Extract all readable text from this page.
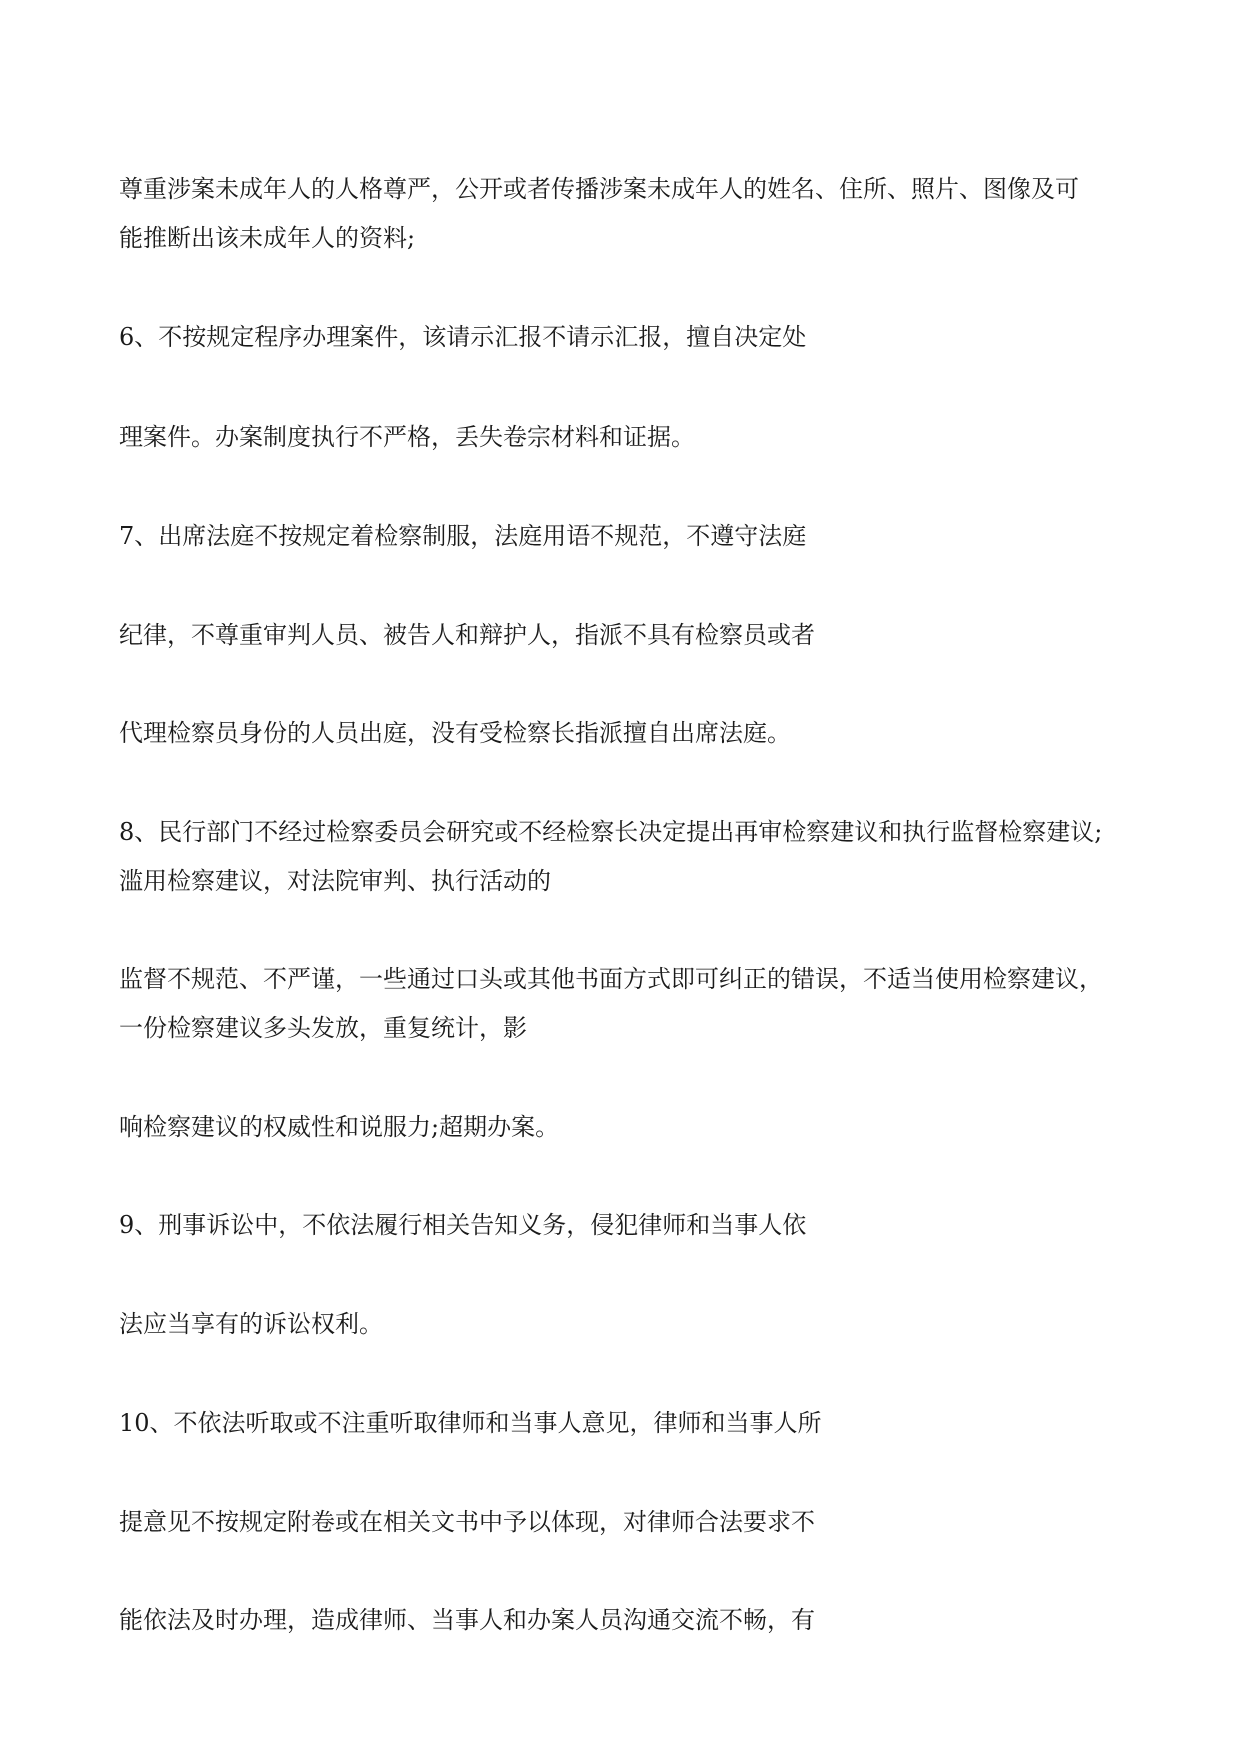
尊重涉案未成年人的人格尊严，公开或者传播涉案未成年人的姓名、住所、照片、图像及可

能推断出该未成年人的资料;

6、不按规定程序办理案件，该请示汇报不请示汇报，擅自决定处

理案件。办案制度执行不严格，丢失卷宗材料和证据。

7、出席法庭不按规定着检察制服，法庭用语不规范，不遵守法庭

纪律，不尊重审判人员、被告人和辩护人，指派不具有检察员或者

代理检察员身份的人员出庭，没有受检察长指派擅自出席法庭。

8、民行部门不经过检察委员会研究或不经检察长决定提出再审检察建议和执行监督检察建议;

滥用检察建议，对法院审判、执行活动的

监督不规范、不严谨，一些通过口头或其他书面方式即可纠正的错误，不适当使用检察建议，

一份检察建议多头发放，重复统计，影

响检察建议的权威性和说服力;超期办案。

9、刑事诉讼中，不依法履行相关告知义务，侵犯律师和当事人依

法应当享有的诉讼权利。

10、不依法听取或不注重听取律师和当事人意见，律师和当事人所

提意见不按规定附卷或在相关文书中予以体现，对律师合法要求不

能依法及时办理，造成律师、当事人和办案人员沟通交流不畅，有
